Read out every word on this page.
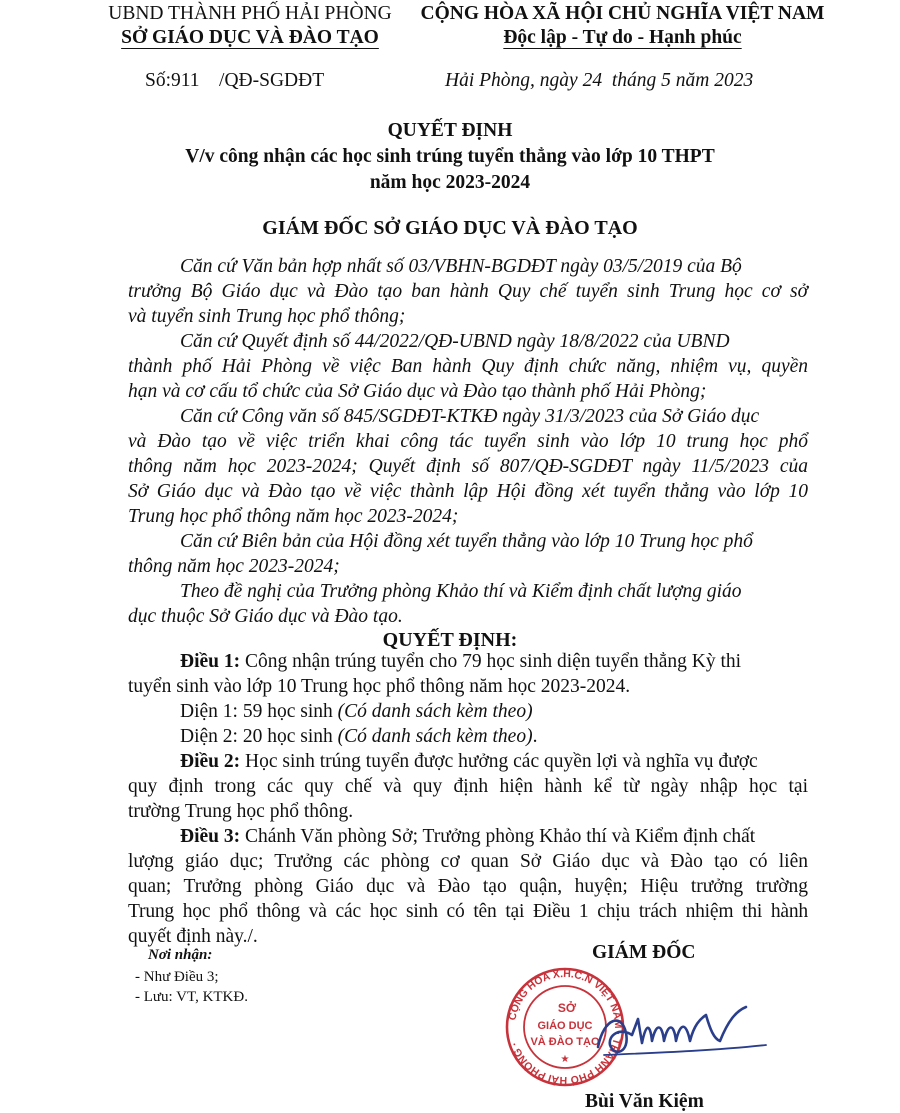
UBND THÀNH PHỐ HẢI PHÒNG
SỞ GIÁO DỤC VÀ ĐÀO TẠO
CỘNG HÒA XÃ HỘI CHỦ NGHĨA VIỆT NAM
Độc lập - Tự do - Hạnh phúc
Số:911    /QĐ-SGDĐT	Hải Phòng, ngày 24  tháng 5 năm 2023
QUYẾT ĐỊNH
V/v công nhận các học sinh trúng tuyển thẳng vào lớp 10 THPT
năm học 2023-2024
GIÁM ĐỐC SỞ GIÁO DỤC VÀ ĐÀO TẠO
Căn cứ Văn bản hợp nhất số 03/VBHN-BGDĐT ngày 03/5/2019 của Bộ
trưởng Bộ Giáo dục và Đào tạo ban hành Quy chế tuyển sinh Trung học cơ sở
và tuyển sinh Trung học phổ thông;
Căn cứ Quyết định số 44/2022/QĐ-UBND ngày 18/8/2022 của UBND
thành phố Hải Phòng về việc Ban hành Quy định chức năng, nhiệm vụ, quyền
hạn và cơ cấu tổ chức của Sở Giáo dục và Đào tạo thành phố Hải Phòng;
Căn cứ Công văn số 845/SGDĐT-KTKĐ ngày 31/3/2023 của Sở Giáo dục
và Đào tạo về việc triển khai công tác tuyển sinh vào lớp 10 trung học phổ
thông năm học 2023-2024; Quyết định số 807/QĐ-SGDĐT ngày 11/5/2023 của
Sở Giáo dục và Đào tạo về việc thành lập Hội đồng xét tuyển thẳng vào lớp 10
Trung học phổ thông năm học 2023-2024;
Căn cứ Biên bản của Hội đồng xét tuyển thẳng vào lớp 10 Trung học phổ
thông năm học 2023-2024;
Theo đề nghị của Trưởng phòng Khảo thí và Kiểm định chất lượng giáo
dục thuộc Sở Giáo dục và Đào tạo.
QUYẾT ĐỊNH:
Điều 1: Công nhận trúng tuyển cho 79 học sinh diện tuyển thẳng Kỳ thi
tuyển sinh vào lớp 10 Trung học phổ thông năm học 2023-2024.
Diện 1: 59 học sinh (Có danh sách kèm theo)
Diện 2: 20 học sinh (Có danh sách kèm theo).
Điều 2: Học sinh trúng tuyển được hưởng các quyền lợi và nghĩa vụ được
quy định trong các quy chế và quy định hiện hành kể từ ngày nhập học tại
trường Trung học phổ thông.
Điều 3: Chánh Văn phòng Sở; Trưởng phòng Khảo thí và Kiểm định chất
lượng giáo dục; Trưởng các phòng cơ quan Sở Giáo dục và Đào tạo có liên
quan; Trưởng phòng Giáo dục và Đào tạo quận, huyện; Hiệu trưởng trường
Trung học phổ thông và các học sinh có tên tại Điều 1 chịu trách nhiệm thi hành
quyết định này./.
Nơi nhận:
- Như Điều 3;
- Lưu: VT, KTKĐ.
GIÁM ĐỐC
CỘNG HÒA X.H.C.N VIỆT NAM · THÀNH PHỐ HẢI PHÒNG ·
SỞ
GIÁO DỤC
VÀ ĐÀO TẠO
★
Bùi Văn Kiệm
